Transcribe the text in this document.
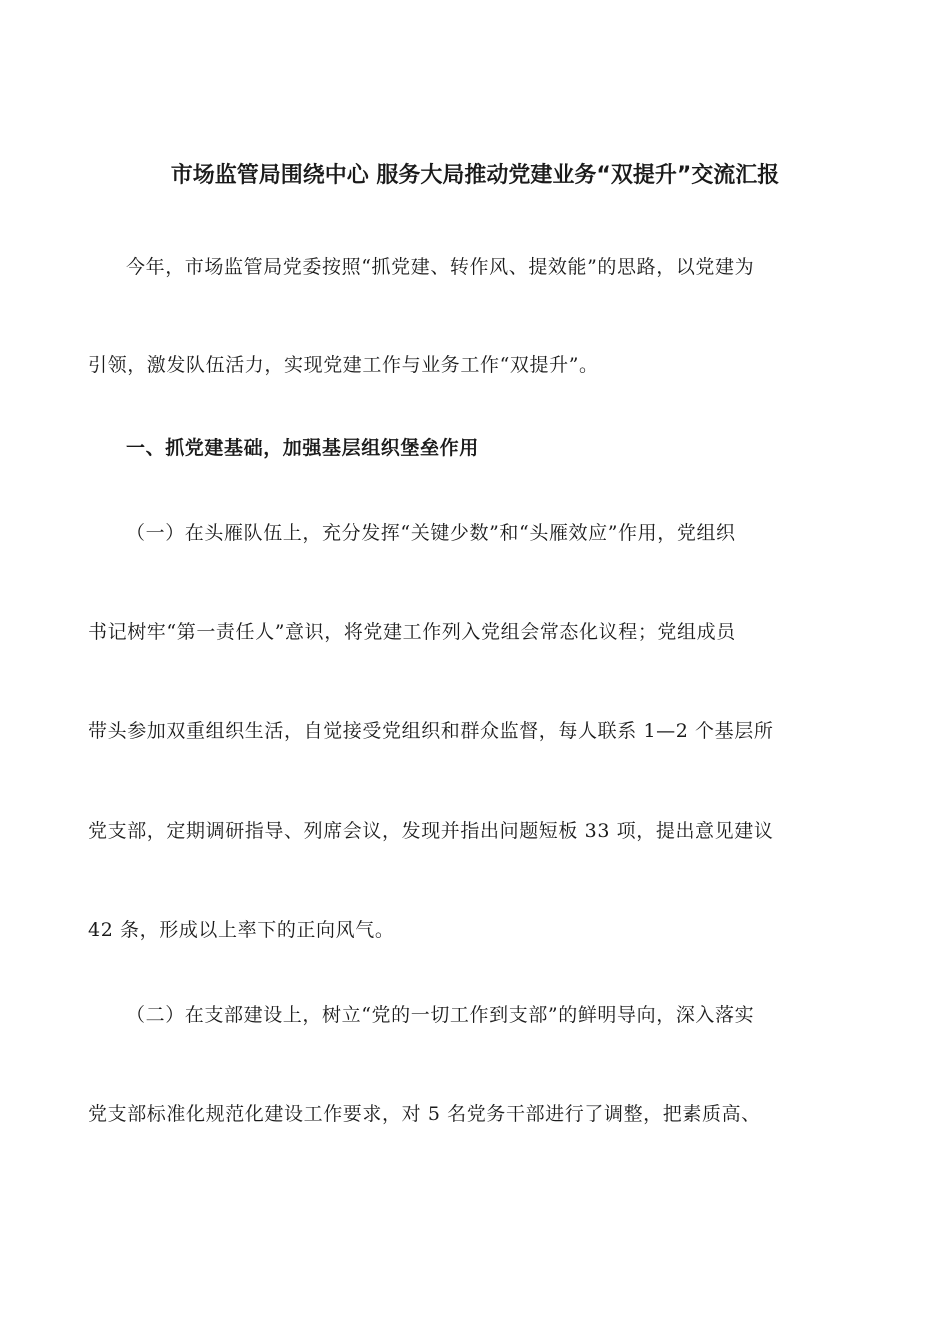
市场监管局围绕中心 服务大局推动党建业务“双提升”交流汇报
今年，市场监管局党委按照“抓党建、转作风、提效能”的思路，以党建为
引领，激发队伍活力，实现党建工作与业务工作“双提升”。
一、抓党建基础，加强基层组织堡垒作用
（一）在头雁队伍上，充分发挥“关键少数”和“头雁效应”作用，党组织
书记树牢“第一责任人”意识，将党建工作列入党组会常态化议程；党组成员
带头参加双重组织生活，自觉接受党组织和群众监督，每人联系 1—2 个基层所
党支部，定期调研指导、列席会议，发现并指出问题短板 33 项，提出意见建议
42 条，形成以上率下的正向风气。
（二）在支部建设上，树立“党的一切工作到支部”的鲜明导向，深入落实
党支部标准化规范化建设工作要求，对 5 名党务干部进行了调整，把素质高、
